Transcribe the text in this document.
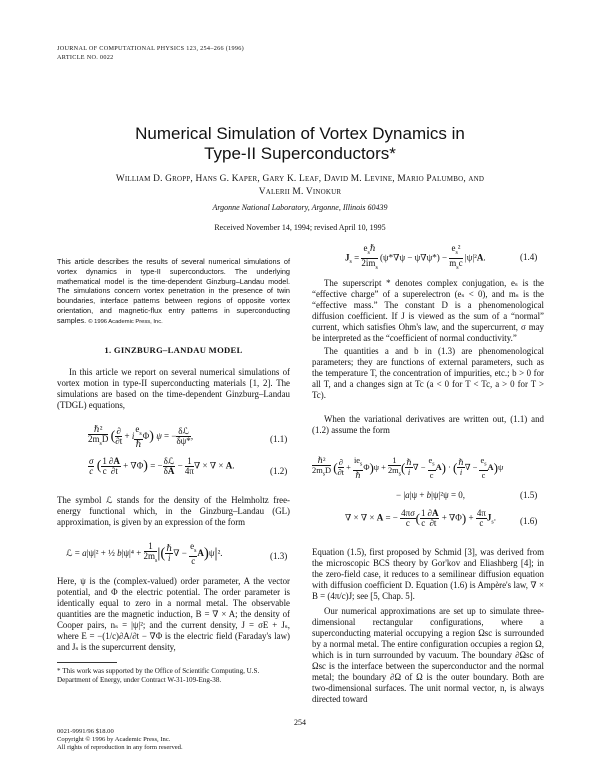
JOURNAL OF COMPUTATIONAL PHYSICS 123, 254–266 (1996)
ARTICLE NO. 0022
Numerical Simulation of Vortex Dynamics in
Type-II Superconductors*
William D. Gropp, Hans G. Kaper, Gary K. Leaf, David M. Levine, Mario Palumbo, and
Valerii M. Vinokur
Argonne National Laboratory, Argonne, Illinois 60439
Received November 14, 1994; revised April 10, 1995
This article describes the results of several numerical simulations of vortex dynamics in type-II superconductors. The underlying mathematical model is the time-dependent Ginzburg–Landau model. The simulations concern vortex penetration in the presence of twin boundaries, interface patterns between regions of opposite vortex orientation, and magnetic-flux entry patterns in superconducting samples. © 1996 Academic Press, Inc.
1. GINZBURG–LANDAU MODEL
In this article we report on several numerical simulations of vortex motion in type-II superconducting materials [1, 2]. The simulations are based on the time-dependent Ginzburg–Landau (TDGL) equations,
$\frac{\text{ℏ²}}{2m_sD}$ ( $\frac{\partial}{\partial t} + i \frac{e_s}{\text{ℏ}} \Phi$) ψ = − $\frac{\text{δℒ}}{\delta\psi*}$ ,	(1.1)
$\frac{\sigma}{c}$ ( $\frac{1}{c} \frac{\partial A}{\partial t} + \nabla\Phi$) = − $\frac{\text{δℒ}}{\delta A} - \frac{1}{4\pi}$ ∇ × ∇ × A.
(1.2)
The symbol ℒ stands for the density of the Helmholtz free-energy functional which, in the Ginzburg–Landau (GL) approximation, is given by an expression of the form
ℒ = a|ψ|² + ½ $b|\psi|^4 + \frac{1}{2m_s}$ |( $\frac{\text{ℏ}}{i}$ ∇ − $\frac{e_s}{c} A)\psi|^2$.	(1.3)
Here, ψ is the (complex-valued) order parameter, A the vector potential, and Φ the electric potential. The order parameter is identically equal to zero in a normal metal. The observable quantities are the magnetic induction, B = ∇ × A; the density of Cooper pairs, nₛ = |ψ|²; and the current density, J = σE + Jₛ, where E = −(1/c)∂A/∂t − ∇Φ is the electric field (Faraday's law) and Jₛ is the supercurrent density,
* This work was supported by the Office of Scientific Computing, U.S. Department of Energy, under Contract W-31-109-Eng-38.
$J_s = \frac{e_s\hbar}{2im_s} (\psi*\nabla\psi - \psi\nabla\psi*) - \frac{e_s^2}{m_sc} |\psi|^2A$.	(1.4)
The superscript * denotes complex conjugation, eₛ is the “effective charge” of a superelectron (eₛ < 0), and mₛ is the “effective mass.” The constant D is a phenomenological diffusion coefficient. If J is viewed as the sum of a “normal” current, which satisfies Ohm's law, and the supercurrent, σ may be interpreted as the “coefficient of normal conductivity.”
The quantities a and b in (1.3) are phenomenological parameters; they are functions of external parameters, such as the temperature T, the concentration of impurities, etc.; b > 0 for all T, and a changes sign at Tc (a < 0 for T < Tc, a > 0 for T > Tc).
When the variational derivatives are written out, (1.1) and (1.2) assume the form
$\frac{\text{ℏ²}}{2m_sD}$ ( $\frac{\partial}{\partial t} + \frac{ie_s}{\text{ℏ}} \Phi)\psi + \frac{1}{2m_s}$ ( $\frac{\text{ℏ}}{i}$ ∇ − $\frac{e_s}{c} A$) · ( $\frac{\text{ℏ}}{i}$ ∇ − $\frac{e_s}{c} A)\psi$
− |a|ψ + b|ψ|²ψ = 0,	(1.5)
∇ × ∇ × A = − $\frac{4\pi\sigma}{c}$ ( $\frac{1}{c} \frac{\partial A}{\partial t} + \nabla\Phi) + \frac{4\pi}{c} J_s$.	(1.6)
Equation (1.5), first proposed by Schmid [3], was derived from the microscopic BCS theory by Gor'kov and Eliashberg [4]; in the zero-field case, it reduces to a semilinear diffusion equation with diffusion coefficient D. Equation (1.6) is Ampère's law, ∇ × B = (4π/c)J; see [5, Chap. 5].
Our numerical approximations are set up to simulate three-dimensional rectangular configurations, where a superconducting material occupying a region Ωsc is surrounded by a normal metal. The entire configuration occupies a region Ω, which is in turn surrounded by vacuum. The boundary ∂Ωsc of Ωsc is the interface between the superconductor and the normal metal; the boundary ∂Ω of Ω is the outer boundary. Both are two-dimensional surfaces. The unit normal vector, n, is always directed toward
254
0021-9991/96 $18.00
Copyright © 1996 by Academic Press, Inc.
All rights of reproduction in any form reserved.
